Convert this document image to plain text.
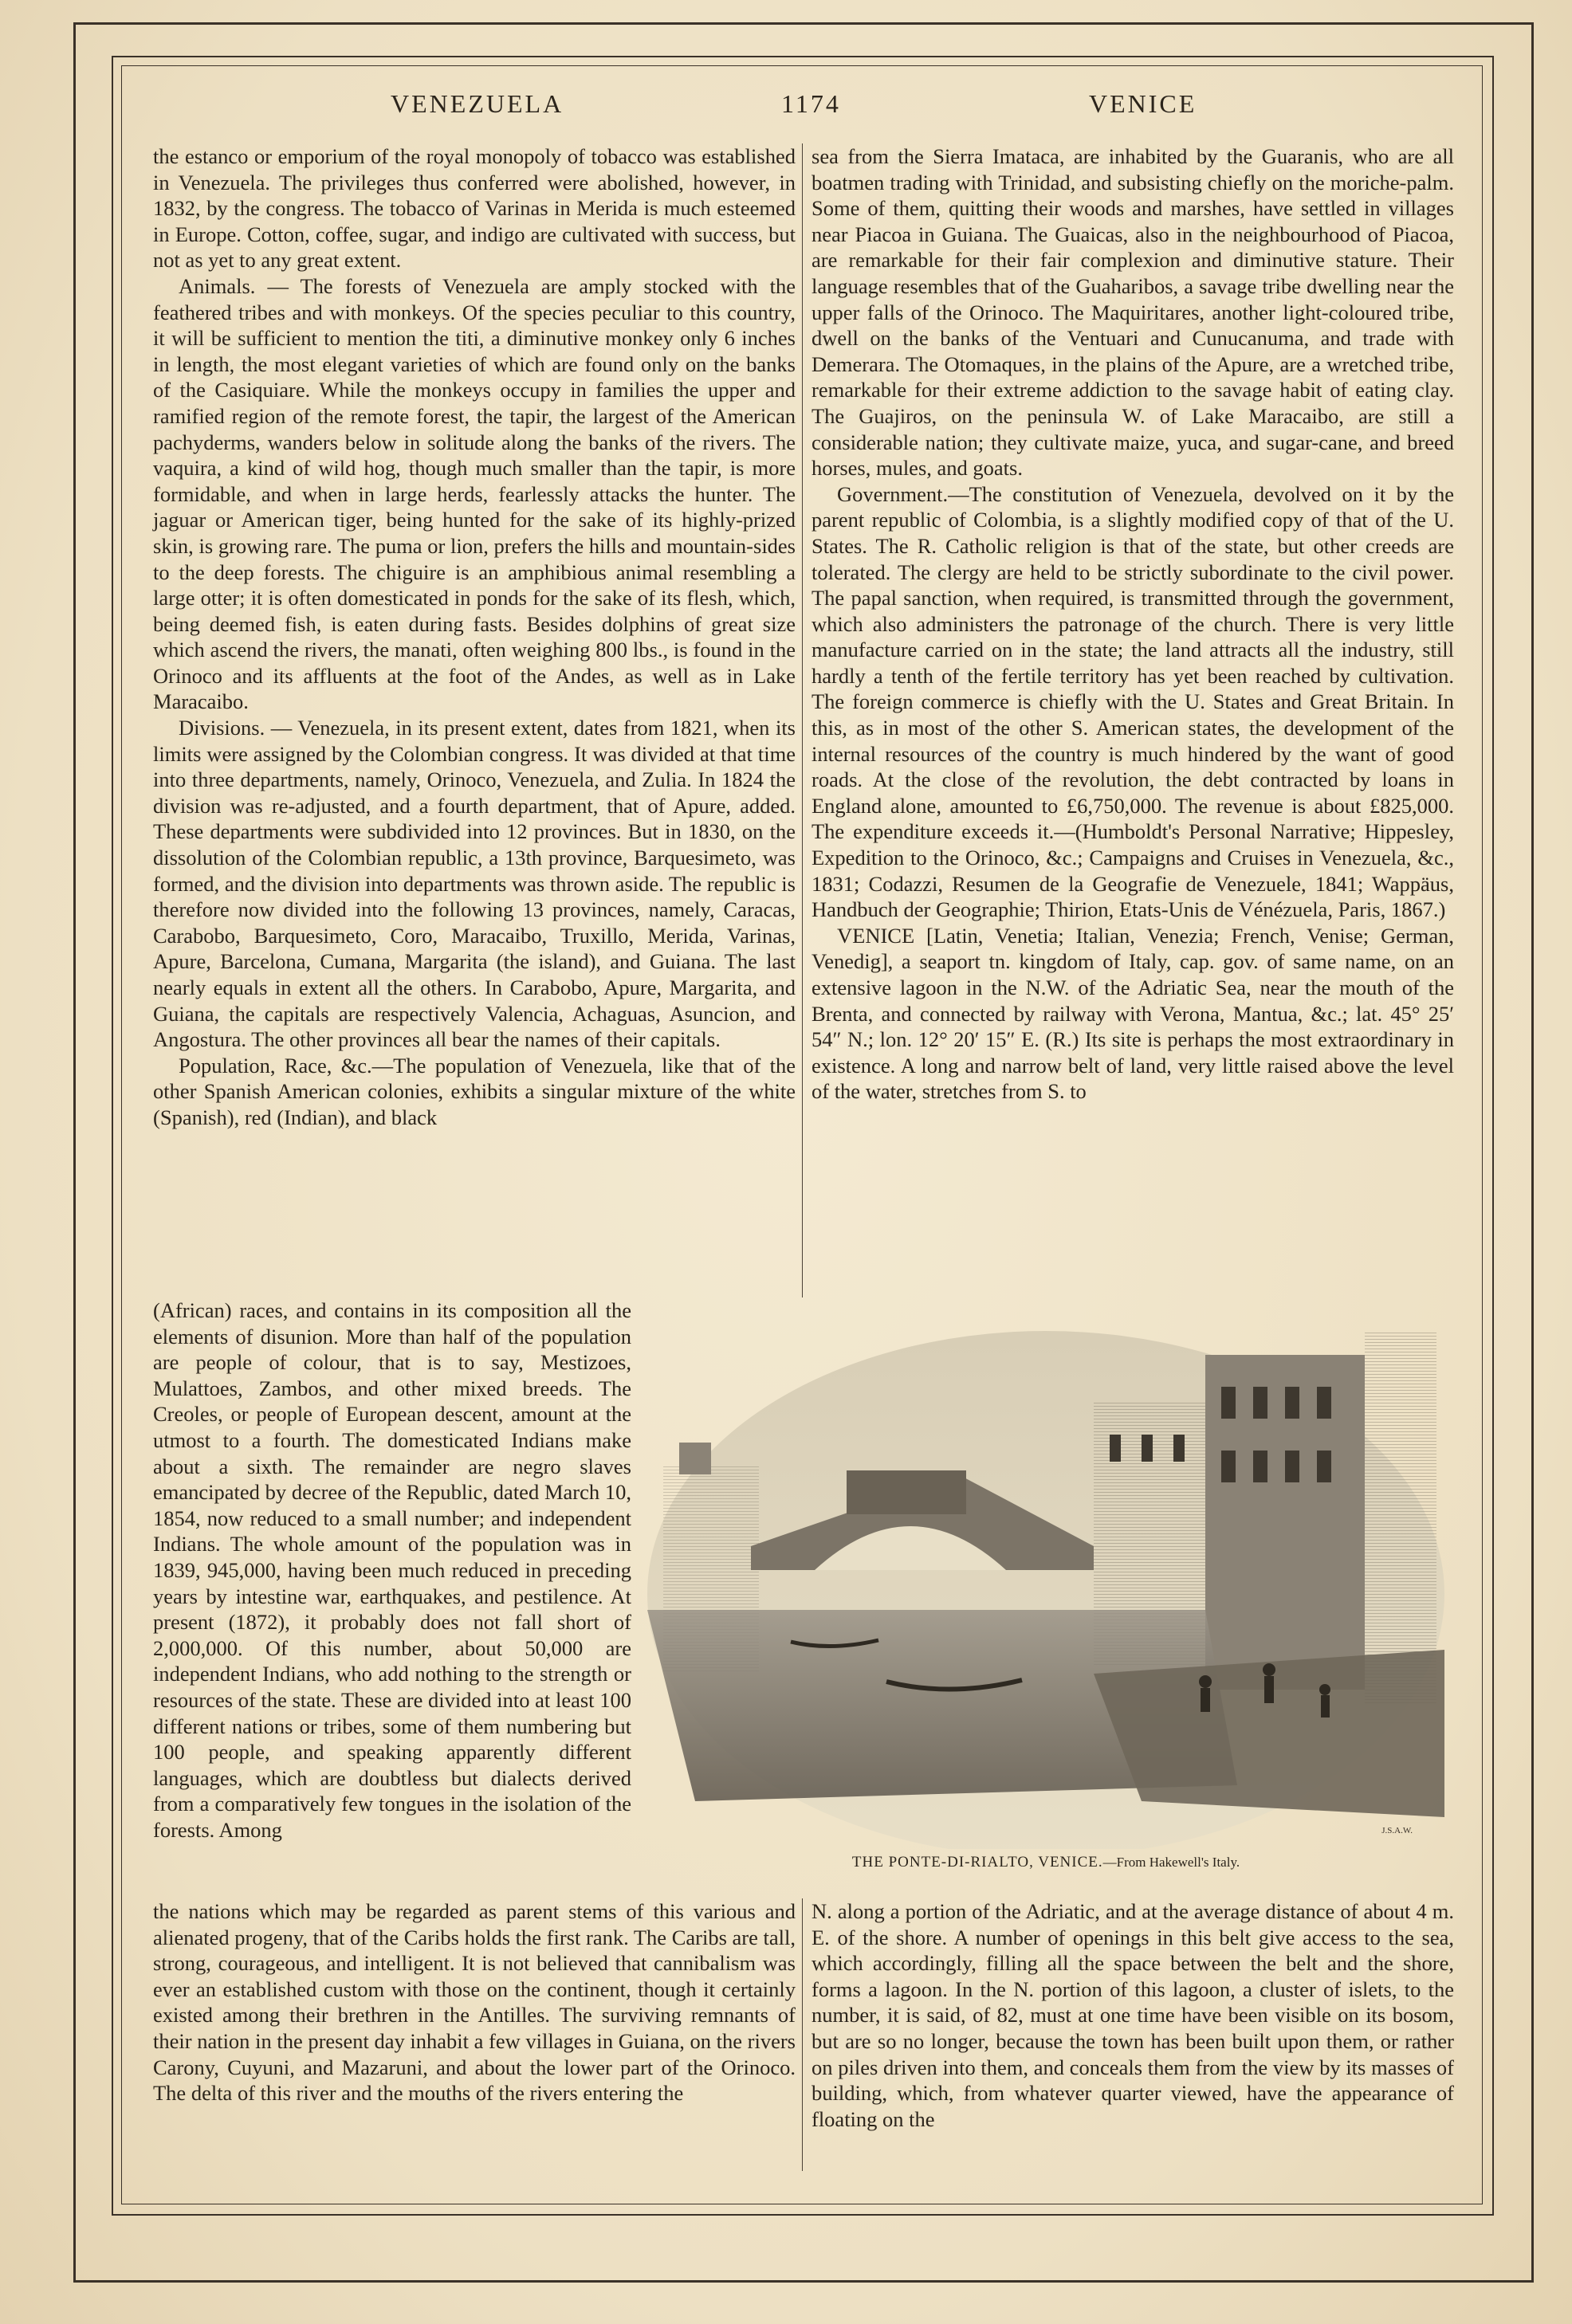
VENEZUELA	1174	VENICE

the estanco or emporium of the royal monopoly of tobacco was established in Venezuela. The privileges thus conferred were abolished, however, in 1832, by the congress. The tobacco of Varinas in Merida is much esteemed in Europe. Cotton, coffee, sugar, and indigo are cultivated with success, but not as yet to any great extent.

Animals. — The forests of Venezuela are amply stocked with the feathered tribes and with monkeys. Of the species peculiar to this country, it will be sufficient to mention the titi, a diminutive monkey only 6 inches in length, the most elegant varieties of which are found only on the banks of the Casiquiare. While the monkeys occupy in families the upper and ramified region of the remote forest, the tapir, the largest of the American pachyderms, wanders below in solitude along the banks of the rivers. The vaquira, a kind of wild hog, though much smaller than the tapir, is more formidable, and when in large herds, fearlessly attacks the hunter. The jaguar or American tiger, being hunted for the sake of its highly-prized skin, is growing rare. The puma or lion, prefers the hills and mountain-sides to the deep forests. The chiguire is an amphibious animal resembling a large otter; it is often domesticated in ponds for the sake of its flesh, which, being deemed fish, is eaten during fasts. Besides dolphins of great size which ascend the rivers, the manati, often weighing 800 lbs., is found in the Orinoco and its affluents at the foot of the Andes, as well as in Lake Maracaibo.

Divisions. — Venezuela, in its present extent, dates from 1821, when its limits were assigned by the Colombian congress. It was divided at that time into three departments, namely, Orinoco, Venezuela, and Zulia. In 1824 the division was re-adjusted, and a fourth department, that of Apure, added. These departments were subdivided into 12 provinces. But in 1830, on the dissolution of the Colombian republic, a 13th province, Barquesimeto, was formed, and the division into departments was thrown aside. The republic is therefore now divided into the following 13 provinces, namely, Caracas, Carabobo, Barquesimeto, Coro, Maracaibo, Truxillo, Merida, Varinas, Apure, Barcelona, Cumana, Margarita (the island), and Guiana. The last nearly equals in extent all the others. In Carabobo, Apure, Margarita, and Guiana, the capitals are respectively Valencia, Achaguas, Asuncion, and Angostura. The other provinces all bear the names of their capitals.

Population, Race, &c.—The population of Venezuela, like that of the other Spanish American colonies, exhibits a singular mixture of the white (Spanish), red (Indian), and black

sea from the Sierra Imataca, are inhabited by the Guaranis, who are all boatmen trading with Trinidad, and subsisting chiefly on the moriche-palm. Some of them, quitting their woods and marshes, have settled in villages near Piacoa in Guiana. The Guaicas, also in the neighbourhood of Piacoa, are remarkable for their fair complexion and diminutive stature. Their language resembles that of the Guaharibos, a savage tribe dwelling near the upper falls of the Orinoco. The Maquiritares, another light-coloured tribe, dwell on the banks of the Ventuari and Cunucanuma, and trade with Demerara. The Otomaques, in the plains of the Apure, are a wretched tribe, remarkable for their extreme addiction to the savage habit of eating clay. The Guajiros, on the peninsula W. of Lake Maracaibo, are still a considerable nation; they cultivate maize, yuca, and sugar-cane, and breed horses, mules, and goats.

Government.—The constitution of Venezuela, devolved on it by the parent republic of Colombia, is a slightly modified copy of that of the U. States. The R. Catholic religion is that of the state, but other creeds are tolerated. The clergy are held to be strictly subordinate to the civil power. The papal sanction, when required, is transmitted through the government, which also administers the patronage of the church. There is very little manufacture carried on in the state; the land attracts all the industry, still hardly a tenth of the fertile territory has yet been reached by cultivation. The foreign commerce is chiefly with the U. States and Great Britain. In this, as in most of the other S. American states, the development of the internal resources of the country is much hindered by the want of good roads. At the close of the revolution, the debt contracted by loans in England alone, amounted to £6,750,000. The revenue is about £825,000. The expenditure exceeds it.—(Humboldt's Personal Narrative; Hippesley, Expedition to the Orinoco, &c.; Campaigns and Cruises in Venezuela, &c., 1831; Codazzi, Resumen de la Geografie de Venezuele, 1841; Wappäus, Handbuch der Geographie; Thirion, Etats-Unis de Vénézuela, Paris, 1867.)

VENICE [Latin, Venetia; Italian, Venezia; French, Venise; German, Venedig], a seaport tn. kingdom of Italy, cap. gov. of same name, on an extensive lagoon in the N.W. of the Adriatic Sea, near the mouth of the Brenta, and connected by railway with Verona, Mantua, &c.; lat. 45° 25′ 54″ N.; lon. 12° 20′ 15″ E. (R.) Its site is perhaps the most extraordinary in existence. A long and narrow belt of land, very little raised above the level of the water, stretches from S. to

(African) races, and contains in its composition all the elements of disunion. More than half of the population are people of colour, that is to say, Mestizoes, Mulattoes, Zambos, and other mixed breeds. The Creoles, or people of European descent, amount at the utmost to a fourth. The domesticated Indians make about a sixth. The remainder are negro slaves emancipated by decree of the Republic, dated March 10, 1854, now reduced to a small number; and independent Indians. The whole amount of the population was in 1839, 945,000, having been much reduced in preceding years by intestine war, earthquakes, and pestilence. At present (1872), it probably does not fall short of 2,000,000. Of this number, about 50,000 are independent Indians, who add nothing to the strength or resources of the state. These are divided into at least 100 different nations or tribes, some of them numbering but 100 people, and speaking apparently different languages, which are doubtless but dialects derived from a comparatively few tongues in the isolation of the forests. Among	J.S.A.W.
THE PONTE-DI-RIALTO, VENICE.—From Hakewell's Italy.

the nations which may be regarded as parent stems of this various and alienated progeny, that of the Caribs holds the first rank. The Caribs are tall, strong, courageous, and intelligent. It is not believed that cannibalism was ever an established custom with those on the continent, though it certainly existed among their brethren in the Antilles. The surviving remnants of their nation in the present day inhabit a few villages in Guiana, on the rivers Carony, Cuyuni, and Mazaruni, and about the lower part of the Orinoco. The delta of this river and the mouths of the rivers entering the

N. along a portion of the Adriatic, and at the average distance of about 4 m. E. of the shore. A number of openings in this belt give access to the sea, which accordingly, filling all the space between the belt and the shore, forms a lagoon. In the N. portion of this lagoon, a cluster of islets, to the number, it is said, of 82, must at one time have been visible on its bosom, but are so no longer, because the town has been built upon them, or rather on piles driven into them, and conceals them from the view by its masses of building, which, from whatever quarter viewed, have the appearance of floating on the
